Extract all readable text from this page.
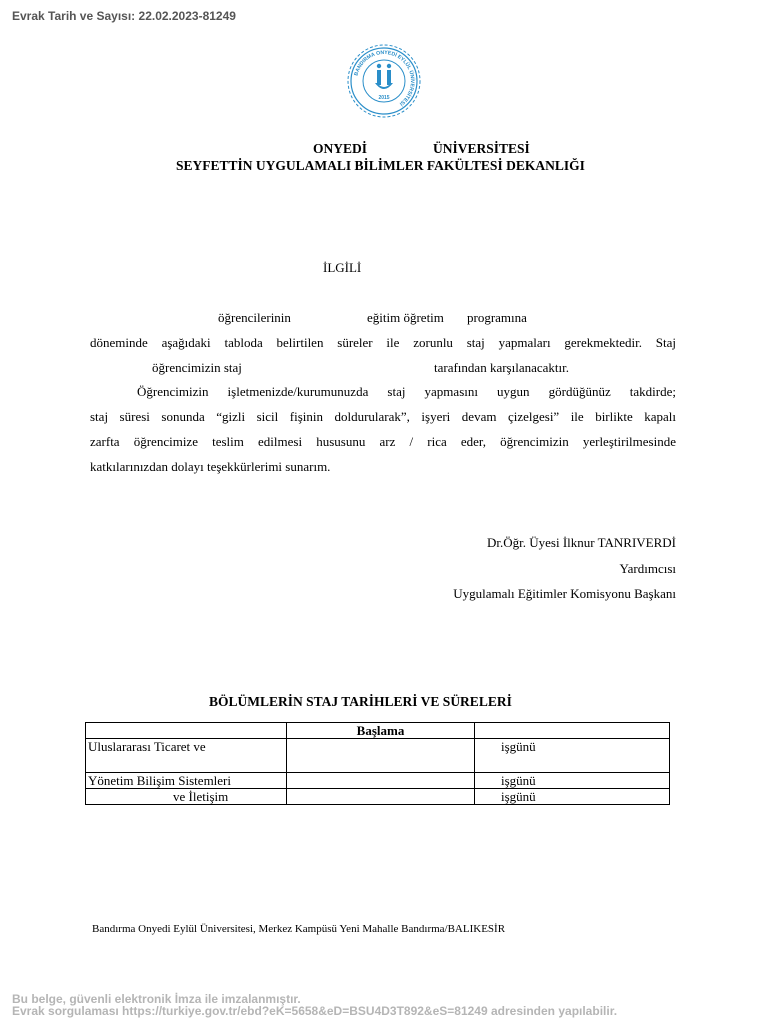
Evrak Tarih ve Sayısı: 22.02.2023-81249
BANDIRMA ONYEDİ EYLÜL ÜNİVERSİTESİ
2015
ONYEDİ	ÜNİVERSİTESİ
SEYFETTİN UYGULAMALI BİLİMLER FAKÜLTESİ DEKANLIĞI
İLGİLİ
öğrencilerinin	eğitim öğretim programına
döneminde aşağıdaki tabloda belirtilen süreler ile zorunlu staj yapmaları gerekmektedir. Staj
öğrencimizin staj	tarafından karşılanacaktır.
Öğrencimizin işletmenizde/kurumunuzda staj yapmasını uygun gördüğünüz takdirde;
staj süresi sonunda “gizli sicil fişinin doldurularak”, işyeri devam çizelgesi” ile birlikte kapalı
zarfta öğrencimize teslim edilmesi hususunu arz / rica eder, öğrencimizin yerleştirilmesinde
katkılarınızdan dolayı teşekkürlerimi sunarım.
Dr.Öğr. Üyesi İlknur TANRIVERDİ
Yardımcısı
Uygulamalı Eğitimler Komisyonu Başkanı
BÖLÜMLERİN STAJ TARİHLERİ VE SÜRELERİ
	Başlama	
Uluslararası Ticaret ve		işgünü
Yönetim Bilişim Sistemleri		işgünü
ve İletişim		işgünü
Bandırma Onyedi Eylül Üniversitesi, Merkez Kampüsü Yeni Mahalle Bandırma/BALIKESİR
Bu belge, güvenli elektronik İmza ile imzalanmıştır.
Evrak sorgulaması https://turkiye.gov.tr/ebd?eK=5658&eD=BSU4D3T892&eS=81249 adresinden yapılabilir.
